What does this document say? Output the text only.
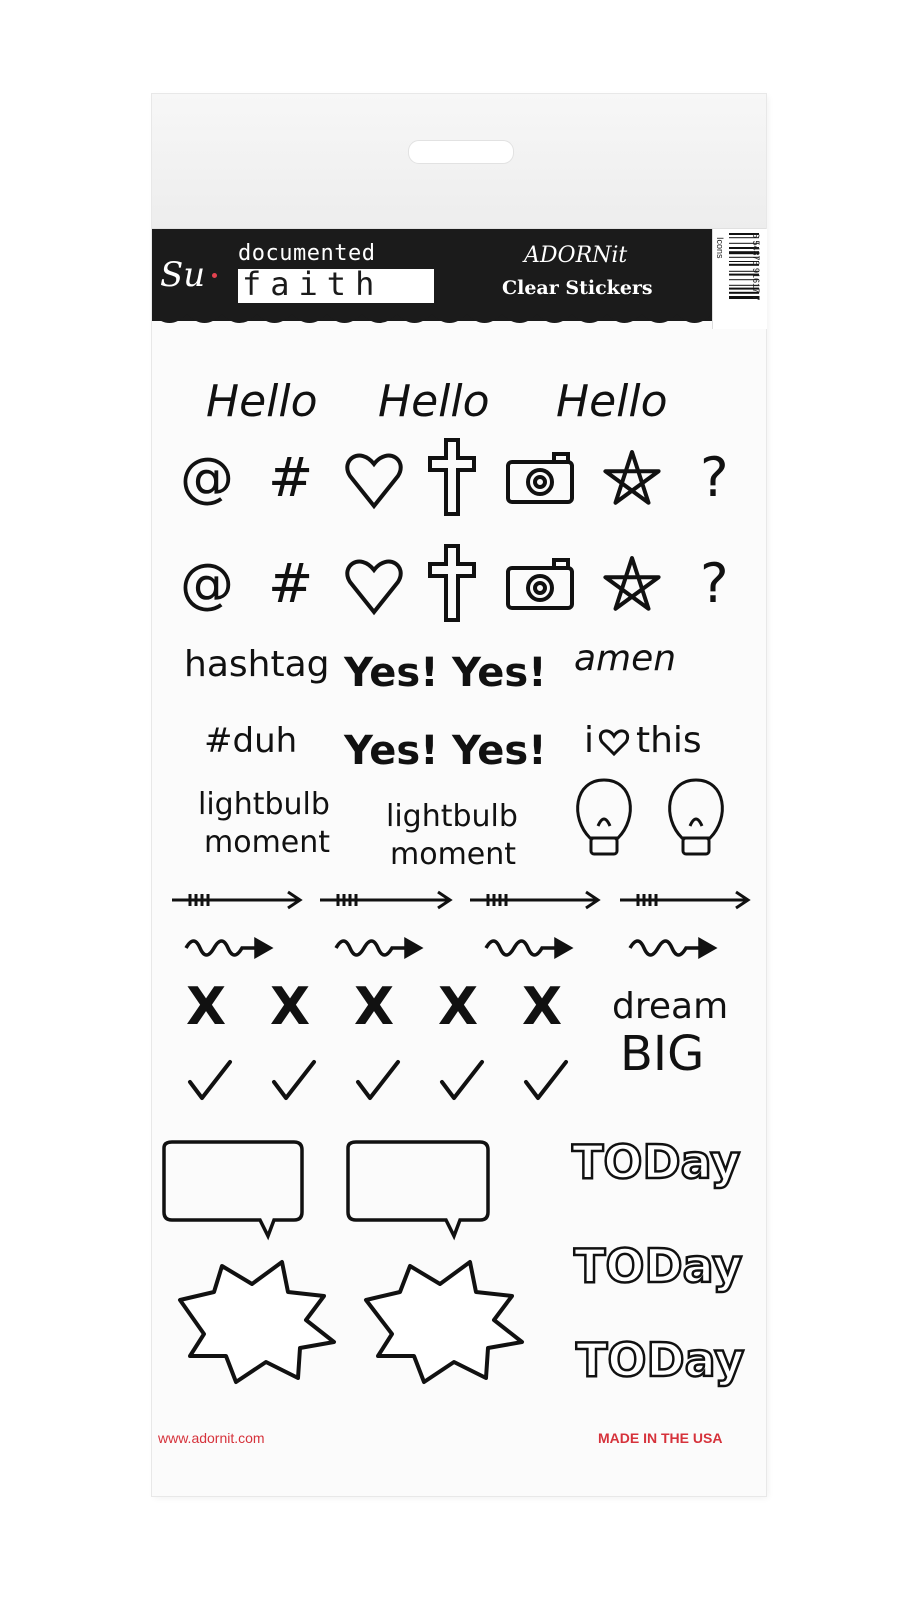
Su
documented
faith
ADORNit
Clear Stickers
Icons	6 54376 91617 7
Hello Hello Hello
@ #	?
@ #	?
hashtag Yes! Yes! amen
#duh Yes! Yes! i this
lightbulb
moment
lightbulb
moment
X X X X X dream
BIG
TODay
TODay
TODay
www.adornit.com	MADE IN THE USA
